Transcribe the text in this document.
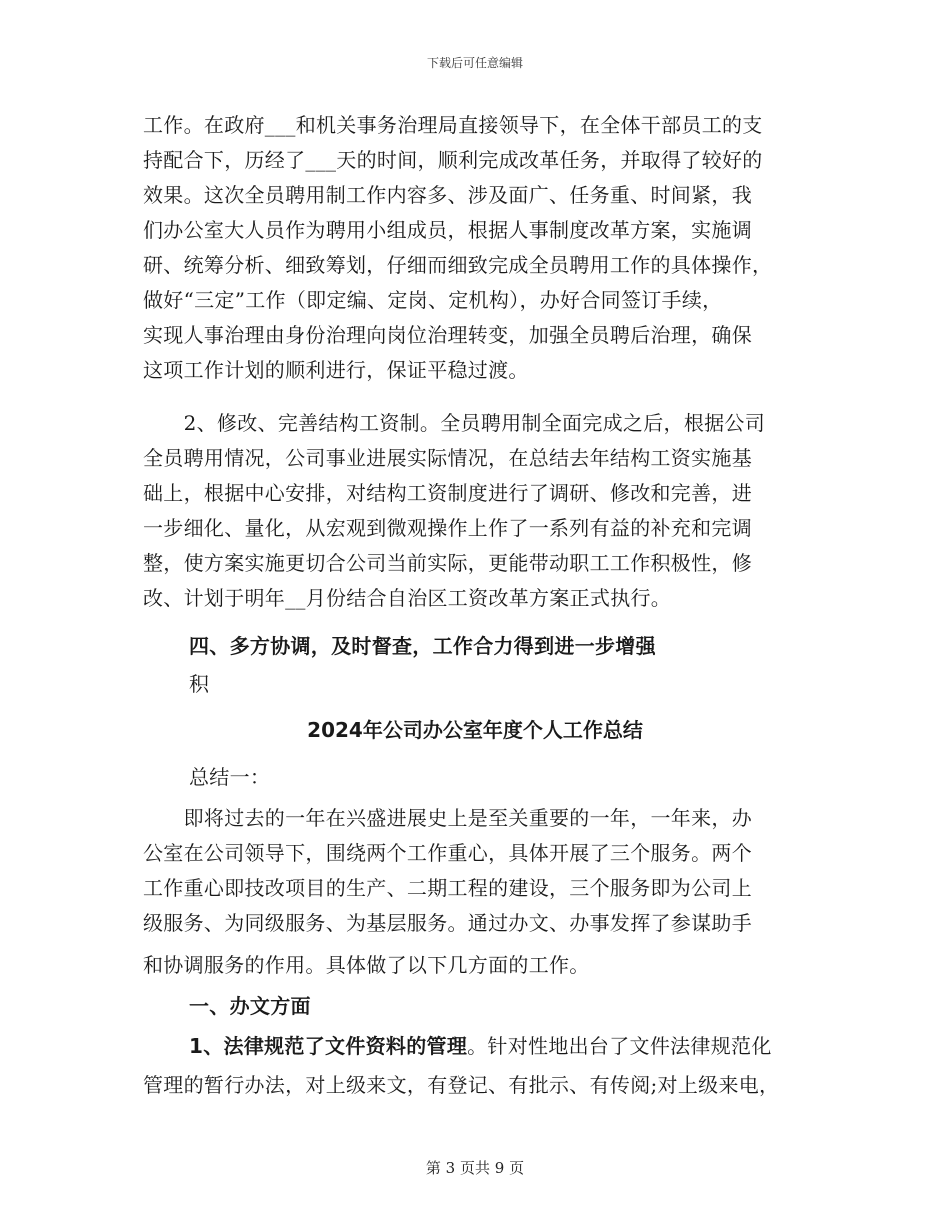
下载后可任意编辑
工作。在政府___和机关事务治理局直接领导下，在全体干部员工的支
持配合下，历经了___天的时间，顺利完成改革任务，并取得了较好的
效果。这次全员聘用制工作内容多、涉及面广、任务重、时间紧，我
们办公室大人员作为聘用小组成员，根据人事制度改革方案，实施调
研、统筹分析、细致筹划，仔细而细致完成全员聘用工作的具体操作，
做好“三定”工作（即定编、定岗、定机构），办好合同签订手续，
实现人事治理由身份治理向岗位治理转变，加强全员聘后治理，确保
这项工作计划的顺利进行，保证平稳过渡。
　　2、修改、完善结构工资制。全员聘用制全面完成之后，根据公司
全员聘用情况，公司事业进展实际情况，在总结去年结构工资实施基
础上，根据中心安排，对结构工资制度进行了调研、修改和完善，进
一步细化、量化，从宏观到微观操作上作了一系列有益的补充和完调
整，使方案实施更切合公司当前实际，更能带动职工工作积极性，修
改、计划于明年__月份结合自治区工资改革方案正式执行。
四、多方协调，及时督查，工作合力得到进一步增强
积
2024年公司办公室年度个人工作总结
总结一：
　　即将过去的一年在兴盛进展史上是至关重要的一年，一年来，办
公室在公司领导下，围绕两个工作重心，具体开展了三个服务。两个
工作重心即技改项目的生产、二期工程的建设，三个服务即为公司上
级服务、为同级服务、为基层服务。通过办文、办事发挥了参谋助手
和协调服务的作用。具体做了以下几方面的工作。
一、办文方面
1、法律规范了文件资料的管理。针对性地出台了文件法律规范化
管理的暂行办法，对上级来文，有登记、有批示、有传阅;对上级来电，
第 3 页共 9 页
